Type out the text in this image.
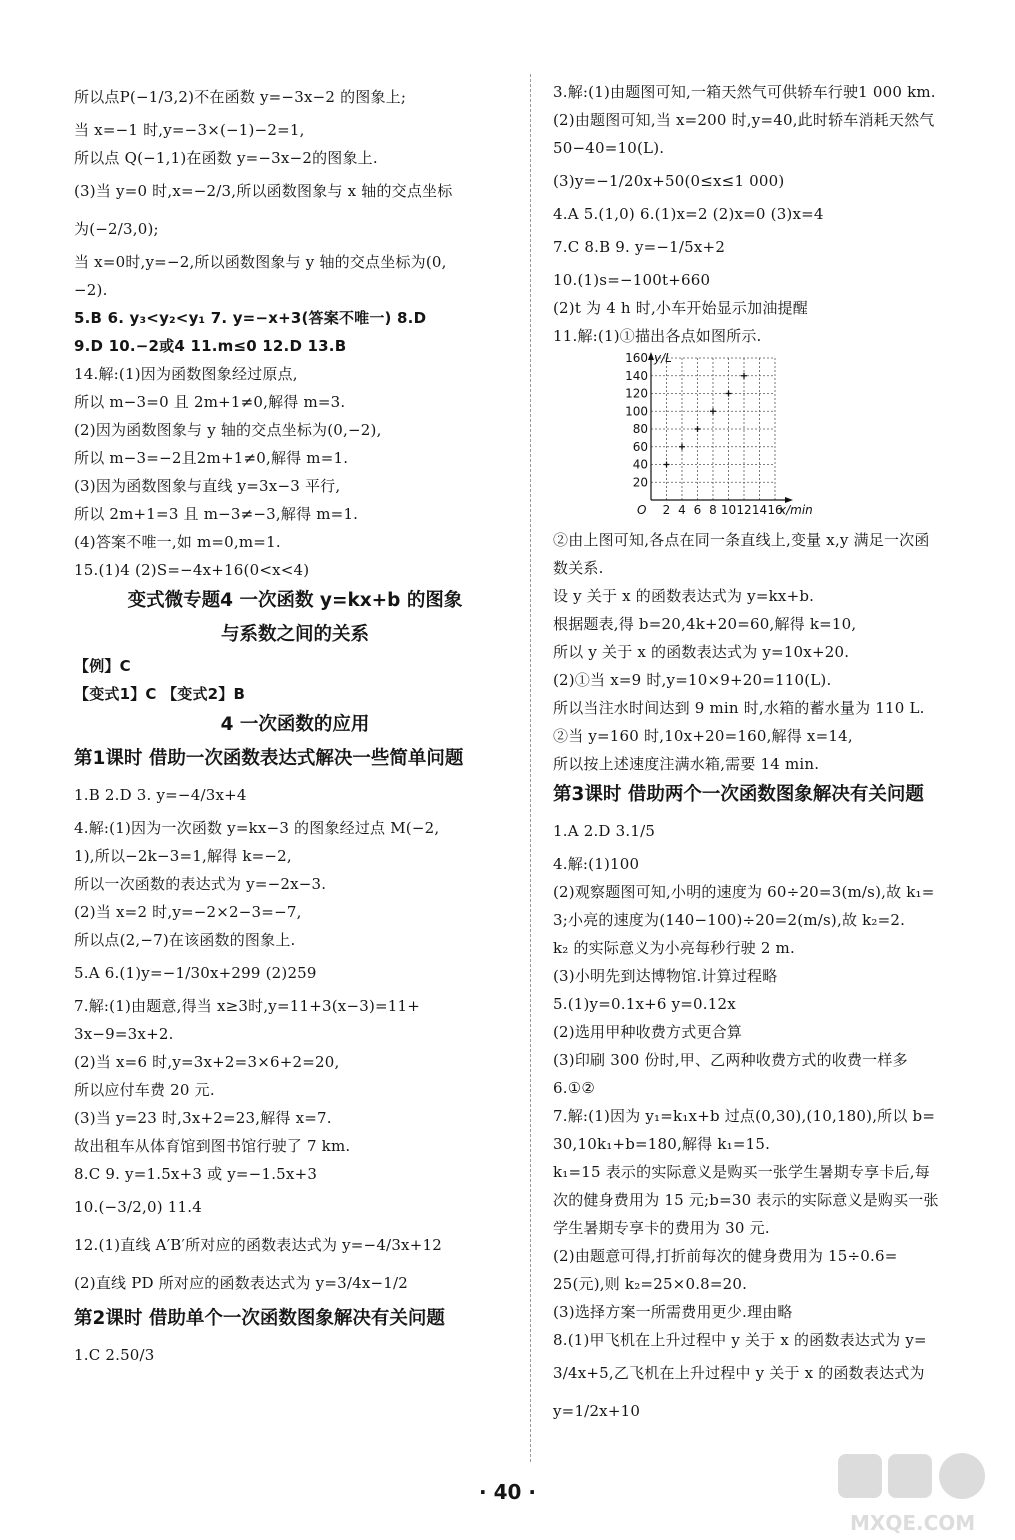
所以点P(−1/3,2)不在函数 y=−3x−2 的图象上;
当 x=−1 时,y=−3×(−1)−2=1,
所以点 Q(−1,1)在函数 y=−3x−2的图象上.
(3)当 y=0 时,x=−2/3,所以函数图象与 x 轴的交点坐标
为(−2/3,0);
当 x=0时,y=−2,所以函数图象与 y 轴的交点坐标为(0,
−2).
5.B 6. y₃<y₂<y₁ 7. y=−x+3(答案不唯一) 8.D
9.D 10.−2或4 11.m≤0 12.D 13.B
14.解:(1)因为函数图象经过原点,
所以 m−3=0 且 2m+1≠0,解得 m=3.
(2)因为函数图象与 y 轴的交点坐标为(0,−2),
所以 m−3=−2且2m+1≠0,解得 m=1.
(3)因为函数图象与直线 y=3x−3 平行,
所以 2m+1=3 且 m−3≠−3,解得 m=1.
(4)答案不唯一,如 m=0,m=1.
15.(1)4 (2)S=−4x+16(0<x<4)
变式微专题4 一次函数 y=kx+b 的图象
与系数之间的关系
【例】C
【变式1】C 【变式2】B
4 一次函数的应用
第1课时 借助一次函数表达式解决一些简单问题
1.B 2.D 3. y=−4/3x+4
4.解:(1)因为一次函数 y=kx−3 的图象经过点 M(−2,
1),所以−2k−3=1,解得 k=−2,
所以一次函数的表达式为 y=−2x−3.
(2)当 x=2 时,y=−2×2−3=−7,
所以点(2,−7)在该函数的图象上.
5.A 6.(1)y=−1/30x+299 (2)259
7.解:(1)由题意,得当 x≥3时,y=11+3(x−3)=11+
3x−9=3x+2.
(2)当 x=6 时,y=3x+2=3×6+2=20,
所以应付车费 20 元.
(3)当 y=23 时,3x+2=23,解得 x=7.
故出租车从体育馆到图书馆行驶了 7 km.
8.C 9. y=1.5x+3 或 y=−1.5x+3
10.(−3/2,0) 11.4
12.(1)直线 A′B′所对应的函数表达式为 y=−4/3x+12
(2)直线 PD 所对应的函数表达式为 y=3/4x−1/2
第2课时 借助单个一次函数图象解决有关问题
1.C 2.50/3
3.解:(1)由题图可知,一箱天然气可供轿车行驶1 000 km.
(2)由题图可知,当 x=200 时,y=40,此时轿车消耗天然气
50−40=10(L).
(3)y=−1/20x+50(0≤x≤1 000)
4.A 5.(1,0) 6.(1)x=2 (2)x=0 (3)x=4
7.C 8.B 9. y=−1/5x+2
10.(1)s=−100t+660
(2)t 为 4 h 时,小车开始显示加油提醒
11.解:(1)①描出各点如图所示.
20
40
60
80
100
120
140
160
2 4 6 8 10 12 14 16
O
y/L
x/min
②由上图可知,各点在同一条直线上,变量 x,y 满足一次函
数关系.
设 y 关于 x 的函数表达式为 y=kx+b.
根据题表,得 b=20,4k+20=60,解得 k=10,
所以 y 关于 x 的函数表达式为 y=10x+20.
(2)①当 x=9 时,y=10×9+20=110(L).
所以当注水时间达到 9 min 时,水箱的蓄水量为 110 L.
②当 y=160 时,10x+20=160,解得 x=14,
所以按上述速度注满水箱,需要 14 min.
第3课时 借助两个一次函数图象解决有关问题
1.A 2.D 3.1/5
4.解:(1)100
(2)观察题图可知,小明的速度为 60÷20=3(m/s),故 k₁=
3;小亮的速度为(140−100)÷20=2(m/s),故 k₂=2.
k₂ 的实际意义为小亮每秒行驶 2 m.
(3)小明先到达博物馆.计算过程略
5.(1)y=0.1x+6 y=0.12x
(2)选用甲种收费方式更合算
(3)印刷 300 份时,甲、乙两种收费方式的收费一样多
6.①②
7.解:(1)因为 y₁=k₁x+b 过点(0,30),(10,180),所以 b=
30,10k₁+b=180,解得 k₁=15.
k₁=15 表示的实际意义是购买一张学生暑期专享卡后,每
次的健身费用为 15 元;b=30 表示的实际意义是购买一张
学生暑期专享卡的费用为 30 元.
(2)由题意可得,打折前每次的健身费用为 15÷0.6=
25(元),则 k₂=25×0.8=20.
(3)选择方案一所需费用更少.理由略
8.(1)甲飞机在上升过程中 y 关于 x 的函数表达式为 y=
3/4x+5,乙飞机在上升过程中 y 关于 x 的函数表达式为
y=1/2x+10
· 40 ·
MXQE.COM
